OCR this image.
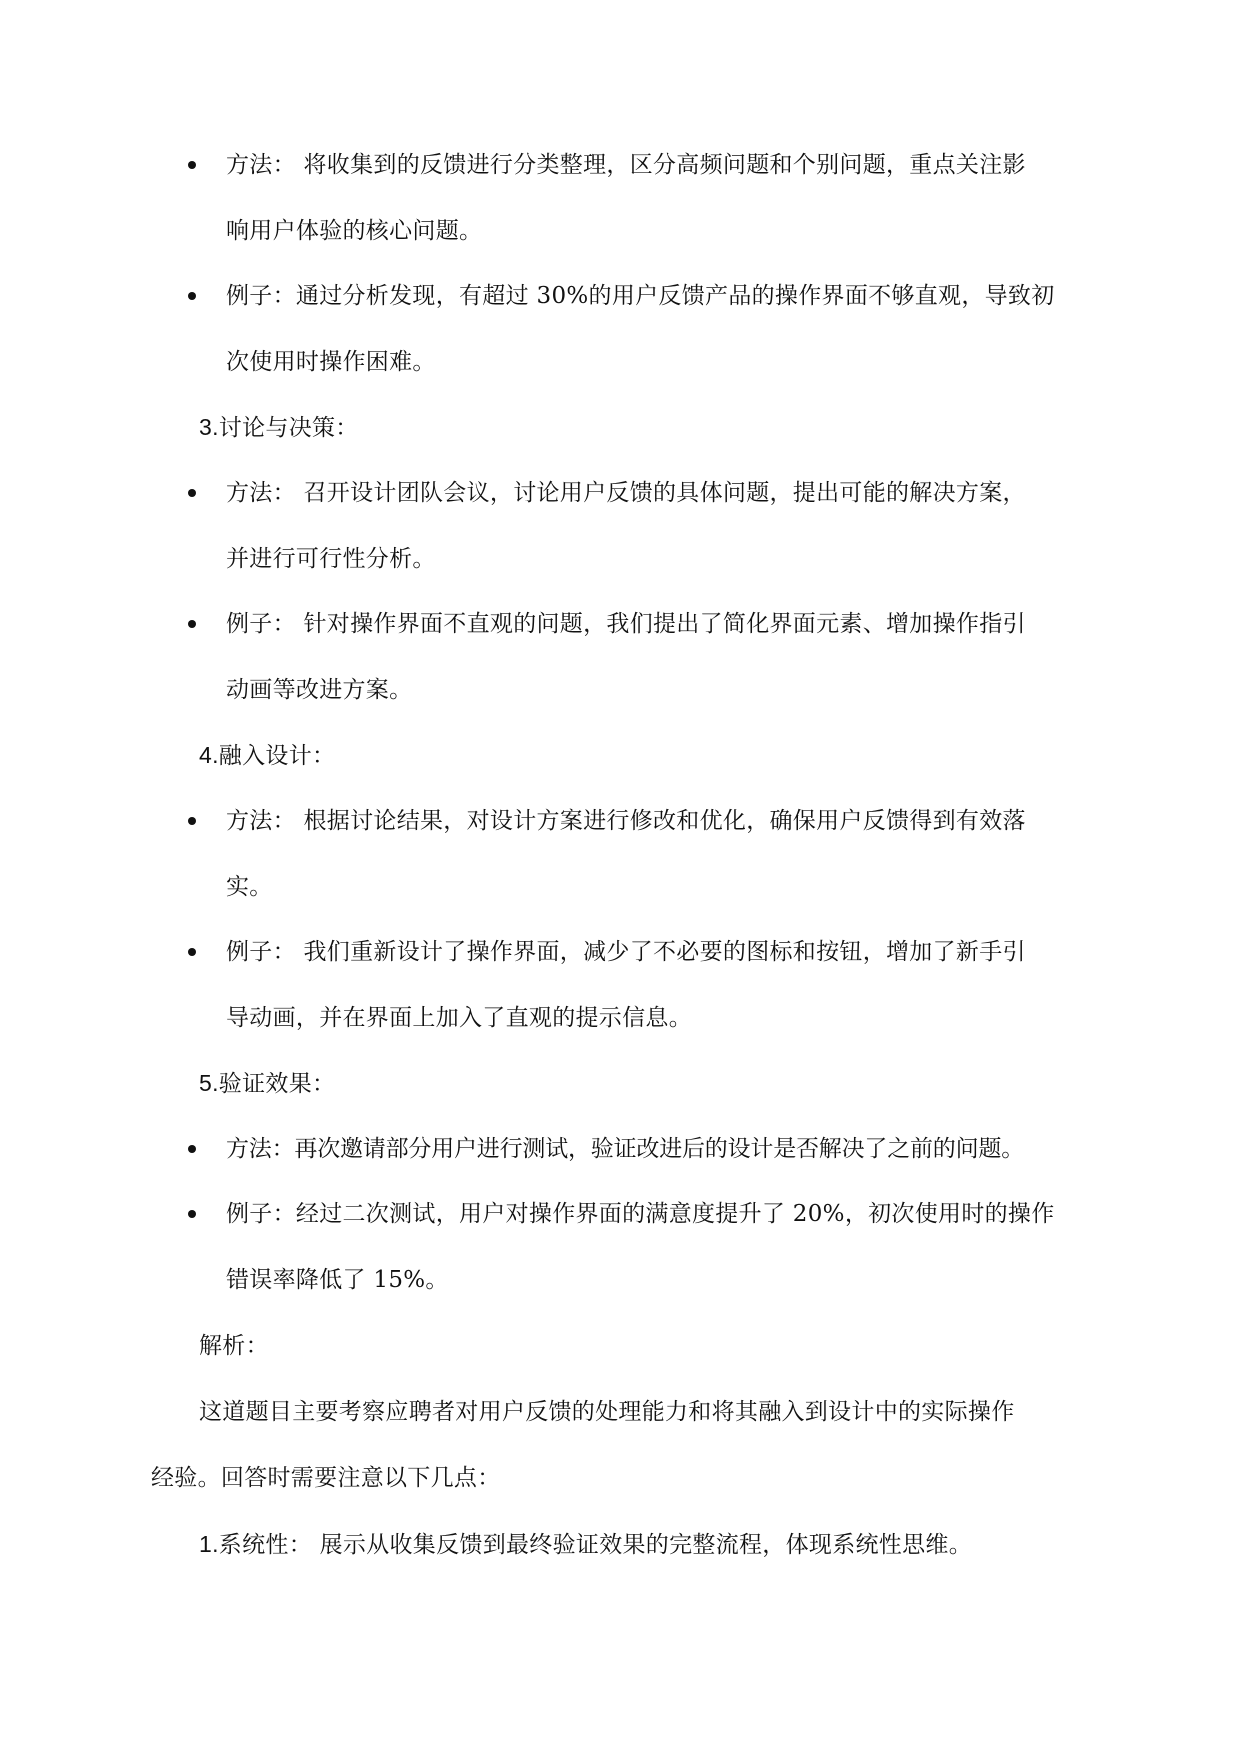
方法： 将收集到的反馈进行分类整理，区分高频问题和个别问题，重点关注影
响用户体验的核心问题。
例子：通过分析发现，有超过 30%的用户反馈产品的操作界面不够直观，导致初
次使用时操作困难。
3.讨论与决策：
方法： 召开设计团队会议，讨论用户反馈的具体问题，提出可能的解决方案，
并进行可行性分析。
例子： 针对操作界面不直观的问题，我们提出了简化界面元素、增加操作指引
动画等改进方案。
4.融入设计：
方法： 根据讨论结果，对设计方案进行修改和优化，确保用户反馈得到有效落
实。
例子： 我们重新设计了操作界面，减少了不必要的图标和按钮，增加了新手引
导动画，并在界面上加入了直观的提示信息。
5.验证效果：
方法：再次邀请部分用户进行测试，验证改进后的设计是否解决了之前的问题。
例子：经过二次测试，用户对操作界面的满意度提升了 20%，初次使用时的操作
错误率降低了 15%。
解析：
这道题目主要考察应聘者对用户反馈的处理能力和将其融入到设计中的实际操作
经验。回答时需要注意以下几点：
1.系统性： 展示从收集反馈到最终验证效果的完整流程，体现系统性思维。
